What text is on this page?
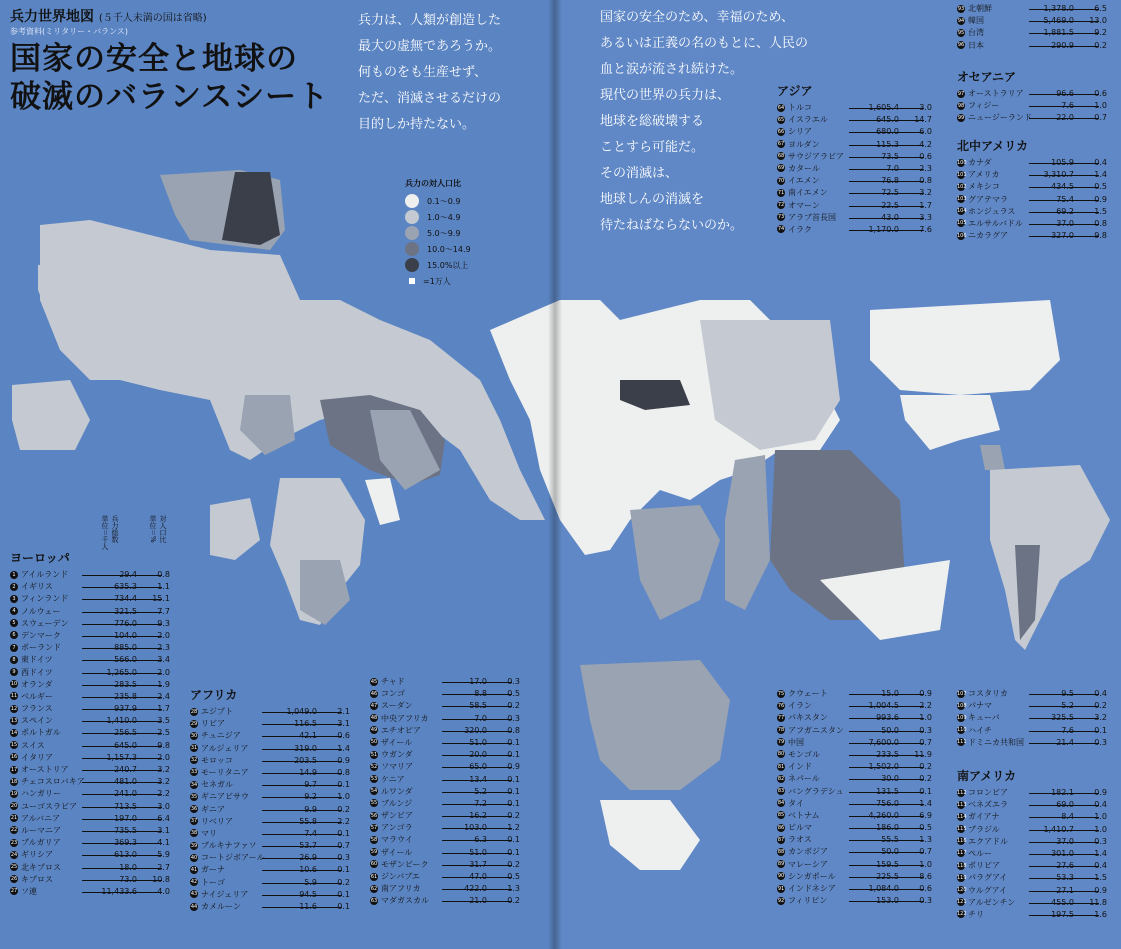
兵力世界地図 (５千人未満の国は省略)
参考資料(ミリタリー・バランス)
国家の安全と地球の
破滅のバランスシート
兵力は、人類が創造した
最大の虚無であろうか。
何ものをも生産せず、
ただ、消滅させるだけの
目的しか持たない。
国家の安全のため、幸福のため、
あるいは正義の名のもとに、人民の
血と涙が流され続けた。
現代の世界の兵力は、
地球を総破壊する
ことすら可能だ。
その消滅は、
地球しんの消滅を
待たねばならないのか。
兵力の対人口比
0.1〜0.9
1.0〜4.9
5.0〜9.9
10.0〜14.9
15.0%以上
=1万人
ヨーロッパ
1 アイルランド	29.4	0.8
2 イギリス	635.3	1.1
3 フィンランド	734.4 15.1
4 ノルウェー	321.5	7.7
5 スウェーデン	776.0	9.3
6 デンマーク	104.0	2.0
7 ポーランド	885.0	2.3
8 東ドイツ	566.0	3.4
9 西ドイツ	1,265.0	2.0
10 オランダ	283.5	1.9
11 ベルギー	235.8	2.4
12 フランス	937.9	1.7
13 スペイン	1,410.0	3.5
14 ポルトガル	256.5	2.5
15 スイス	645.0	9.8
16 イタリア	1,157.3	2.0
17 オーストリア	240.7	3.2
18 チェコスロバキア	481.0	3.2
19 ハンガリー	241.0	2.2
20 ユーゴスラビア	713.5	3.0
21 アルバニア	197.0	6.4
22 ルーマニア	735.5	3.1
23 ブルガリア	369.3	4.1
24 ギリシア	613.0	5.9
25 北キプロス	18.0	2.7
26 キプロス	73.0 10.8
27 ソ連	11,433.6	4.0
アフリカ
28 エジプト	1,049.0	2.1
29 リビア	116.5	3.1
30 チュニジア	42.1	0.6
31 アルジェリア	319.0	1.4
32 モロッコ	203.5	0.9
33 モーリタニア	14.9	0.8
34 セネガル	9.7	0.1
35 ギニアビサウ	9.2	1.0
36 ギニア	9.9	0.2
37 リベリア	55.8	2.2
38 マリ	7.4	0.1
39 ブルキナファソ	53.7	0.7
40 コートジボアール	26.9	0.3
41 ガーナ	10.6	0.1
42 トーゴ	5.9	0.2
43 ナイジェリア	94.5	0.1
44 カメルーン	11.6	0.1
45 チャド	17.0	0.3
46 コンゴ	8.8	0.5
47 スーダン	58.5	0.2
48 中央アフリカ	7.0	0.3
49 エチオピア	320.0	0.8
50 ザイール	51.0	0.1
51 ウガンダ	20.0	0.1
52 ソマリア	65.0	0.9
53 ケニア	13.4	0.1
54 ルワンダ	5.2	0.1
55 ブルンジ	7.2	0.1
56 ザンビア	16.2	0.2
57 アンゴラ	103.0	1.2
58 マラウイ	6.3	0.1
59 ザイール	51.0	0.1
60 モザンビーク	31.7	0.2
61 ジンバブエ	47.0	0.5
62 南アフリカ	422.0	1.3
63 マダガスカル	21.0	0.2
アジア
64 トルコ	1,605.4	3.0
65 イスラエル	645.0 14.7
66 シリア	680.0	6.0
67 ヨルダン	115.3	4.2
68 サウジアラビア	73.5	0.6
69 カタール	7.0	2.3
70 イエメン	76.8	0.8
71 南イエメン	72.5	3.2
72 オマーン	22.5	1.7
73 アラブ首長国	43.0	3.3
74 イラク	1,170.0	7.6
75 クウェート	15.0	0.9
76 イラン	1,004.5	2.2
77 パキスタン	993.6	1.0
78 アフガニスタン	50.0	0.3
79 中国	7,600.0	0.7
80 モンゴル	233.5 11.9
81 インド	1,502.0	0.2
82 ネパール	30.0	0.2
83 バングラデシュ	131.5	0.1
84 タイ	756.0	1.4
85 ベトナム	4,260.0	6.9
86 ビルマ	186.0	0.5
87 ラオス	55.5	1.3
88 カンボジア	50.0	0.7
89 マレーシア	159.5	1.0
90 シンガポール	225.5	8.6
91 インドネシア	1,084.0	0.6
92 フィリピン	153.0	0.3
93 北朝鮮	1,378.0	6.5
94 韓国	5,469.0 13.0
95 台湾	1,881.5	9.2
96 日本	290.9	0.2
オセアニア
97 オーストラリア	96.6	0.6
98 フィジー	7.6	1.0
99 ニュージーランド	22.0	0.7
北中アメリカ
100 カナダ	105.9	0.4
101 アメリカ	3,310.7	1.4
102 メキシコ	434.5	0.5
103 グアテマラ	75.4	0.9
104 ホンジュラス	69.2	1.5
105 エルサルバドル	37.0	0.8
106 ニカラグア	327.0	9.8
107 コスタリカ	9.5	0.4
108 パナマ	5.2	0.2
109 キューバ	325.5	3.2
110 ハイチ	7.6	0.1
111 ドミニカ共和国	21.4	0.3
南アメリカ
112 コロンビア	182.1	0.9
113 ベネズエラ	69.0	0.4
114 ガイアナ	8.4	1.0
115 ブラジル	1,410.7	1.0
116 エクアドル	37.0	0.3
117 ペルー	301.0	1.4
118 ボリビア	27.6	0.4
119 パラグアイ	53.3	1.5
120 ウルグアイ	27.1	0.9
121 アルゼンチン	455.0 11.8
122 チリ	197.5	1.6
兵力総数
単位＝千人	対人口比
単位＝%
